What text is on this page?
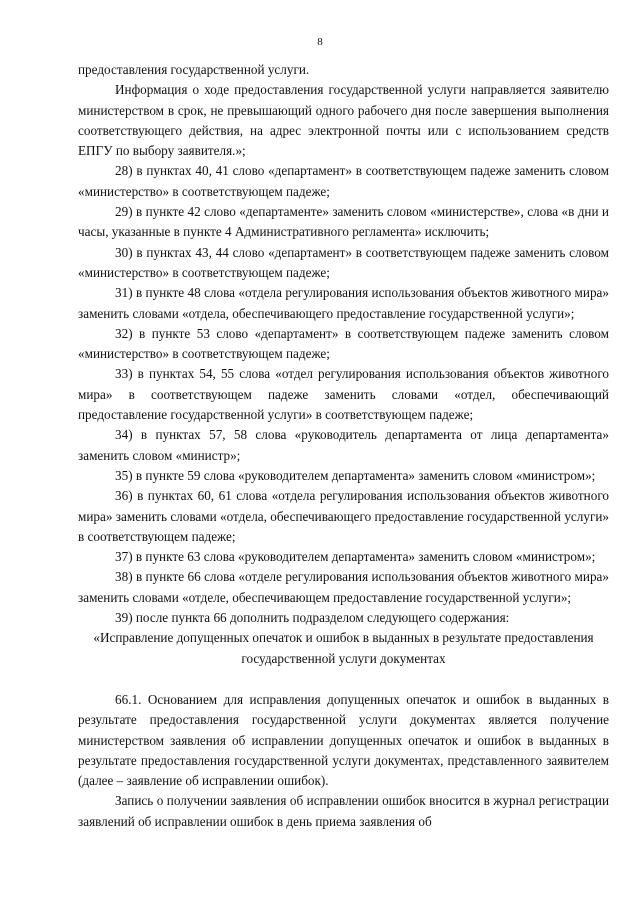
8

предоставления государственной услуги.

Информация о ходе предоставления государственной услуги направляется заявителю министерством в срок, не превышающий одного рабочего дня после завершения выполнения соответствующего действия, на адрес электронной почты или с использованием средств ЕПГУ по выбору заявителя.»;

28) в пунктах 40, 41 слово «департамент» в соответствующем падеже заменить словом «министерство» в соответствующем падеже;

29) в пункте 42 слово «департаменте» заменить словом «министерстве», слова «в дни и часы, указанные в пункте 4 Административного регламента» исключить;

30) в пунктах 43, 44 слово «департамент» в соответствующем падеже заменить словом «министерство» в соответствующем падеже;

31) в пункте 48 слова «отдела регулирования использования объектов животного мира» заменить словами «отдела, обеспечивающего предоставление государственной услуги»;

32) в пункте 53 слово «департамент» в соответствующем падеже заменить словом «министерство» в соответствующем падеже;

33) в пунктах 54, 55 слова «отдел регулирования использования объектов животного мира» в соответствующем падеже заменить словами «отдел, обеспечивающий предоставление государственной услуги» в соответствующем падеже;

34) в пунктах 57, 58 слова «руководитель департамента от лица департамента» заменить словом «министр»;

35) в пункте 59 слова «руководителем департамента» заменить словом «министром»;

36) в пунктах 60, 61 слова «отдела регулирования использования объектов животного мира» заменить словами «отдела, обеспечивающего предоставление государственной услуги» в соответствующем падеже;

37) в пункте 63 слова «руководителем департамента» заменить словом «министром»;

38) в пункте 66 слова «отделе регулирования использования объектов животного мира» заменить словами «отделе, обеспечивающем предоставление государственной услуги»;

39) после пункта 66 дополнить подразделом следующего содержания:

«Исправление допущенных опечаток и ошибок в выданных в результате предоставления государственной услуги документах

66.1. Основанием для исправления допущенных опечаток и ошибок в выданных в результате предоставления государственной услуги документах является получение министерством заявления об исправлении допущенных опечаток и ошибок в выданных в результате предоставления государственной услуги документах, представленного заявителем (далее – заявление об исправлении ошибок).

Запись о получении заявления об исправлении ошибок вносится в журнал регистрации заявлений об исправлении ошибок в день приема заявления об
